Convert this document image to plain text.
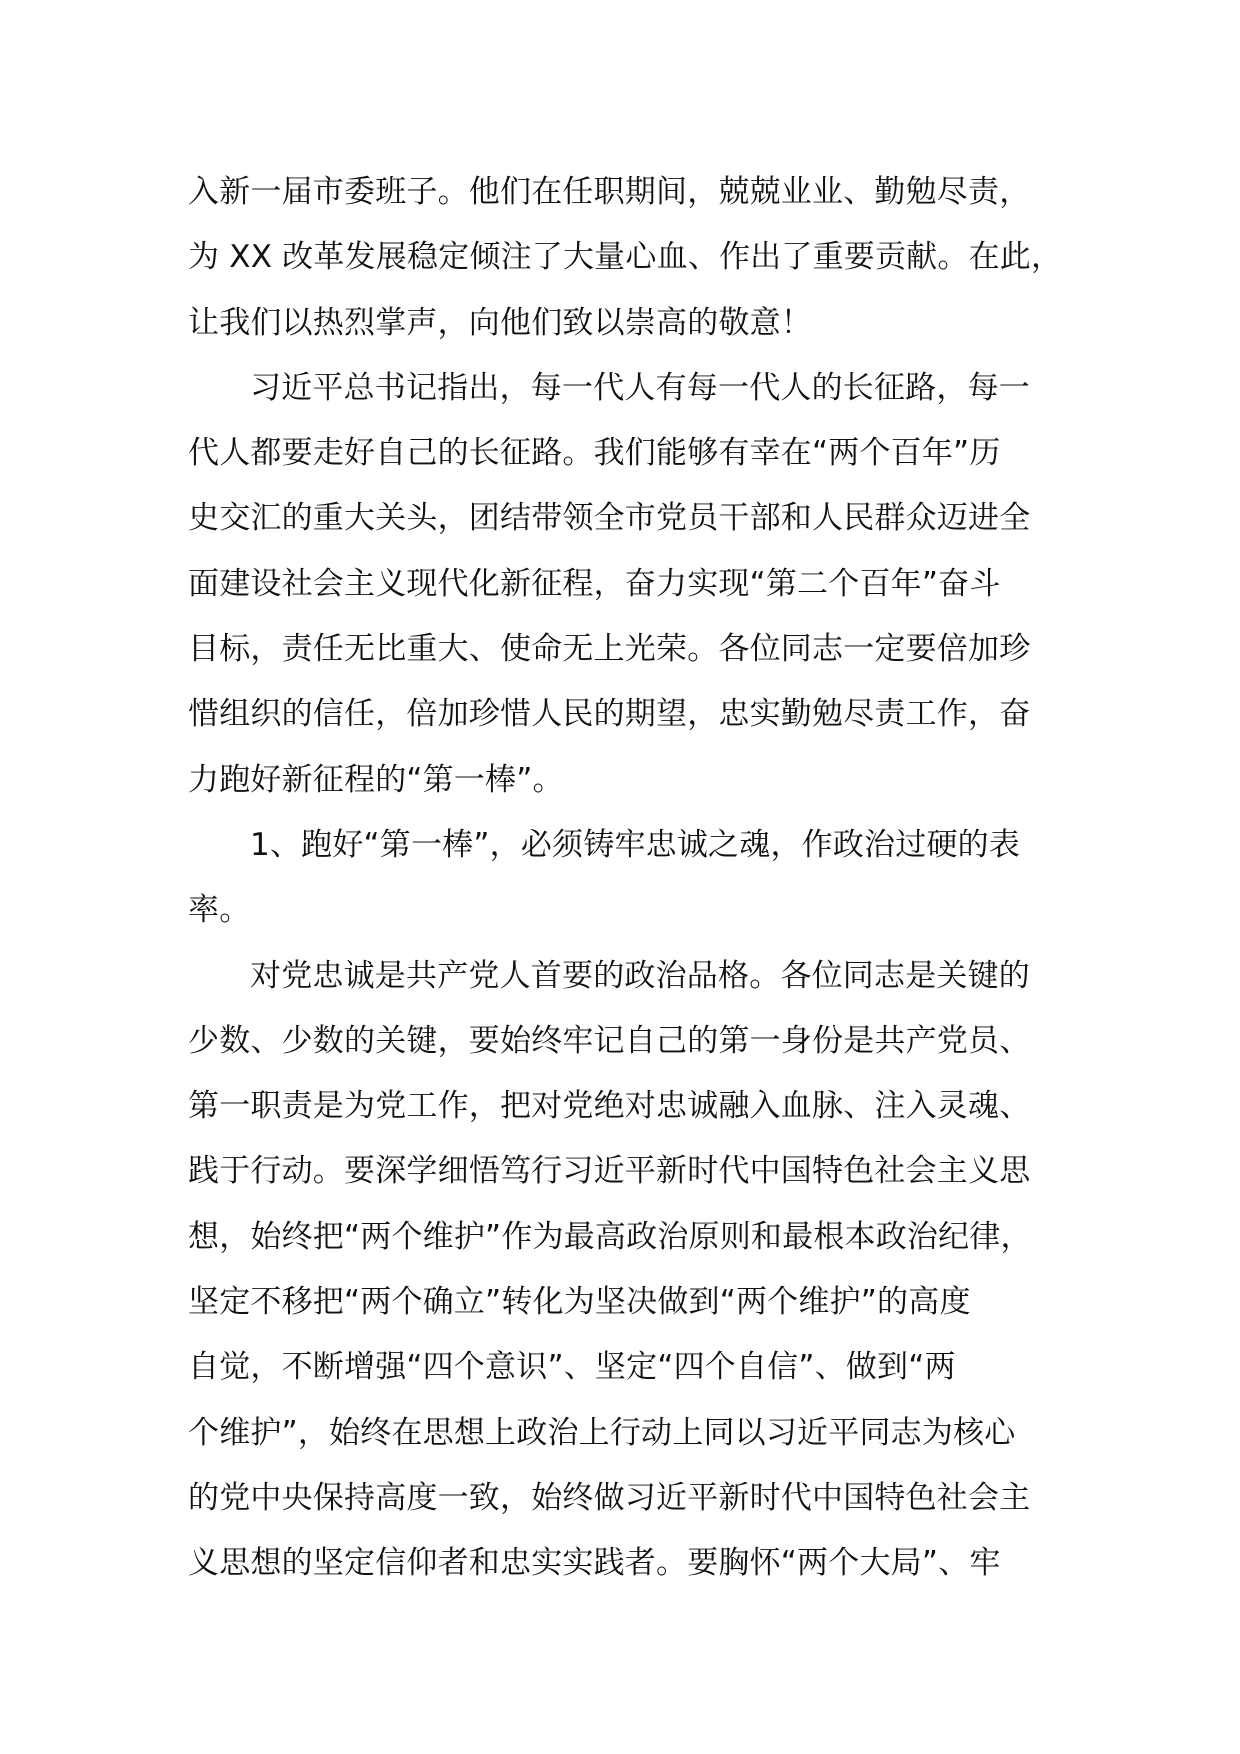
入新一届市委班子。他们在任职期间，兢兢业业、勤勉尽责，
为 XX 改革发展稳定倾注了大量心血、作出了重要贡献。在此，
让我们以热烈掌声，向他们致以崇高的敬意！
习近平总书记指出，每一代人有每一代人的长征路，每一
代人都要走好自己的长征路。我们能够有幸在“两个百年”历
史交汇的重大关头，团结带领全市党员干部和人民群众迈进全
面建设社会主义现代化新征程，奋力实现“第二个百年”奋斗
目标，责任无比重大、使命无上光荣。各位同志一定要倍加珍
惜组织的信任，倍加珍惜人民的期望，忠实勤勉尽责工作，奋
力跑好新征程的“第一棒”。
1、跑好“第一棒”，必须铸牢忠诚之魂，作政治过硬的表
率。
对党忠诚是共产党人首要的政治品格。各位同志是关键的
少数、少数的关键，要始终牢记自己的第一身份是共产党员、
第一职责是为党工作，把对党绝对忠诚融入血脉、注入灵魂、
践于行动。要深学细悟笃行习近平新时代中国特色社会主义思
想，始终把“两个维护”作为最高政治原则和最根本政治纪律，
坚定不移把“两个确立”转化为坚决做到“两个维护”的高度
自觉，不断增强“四个意识”、坚定“四个自信”、做到“两
个维护”，始终在思想上政治上行动上同以习近平同志为核心
的党中央保持高度一致，始终做习近平新时代中国特色社会主
义思想的坚定信仰者和忠实实践者。要胸怀“两个大局”、牢
